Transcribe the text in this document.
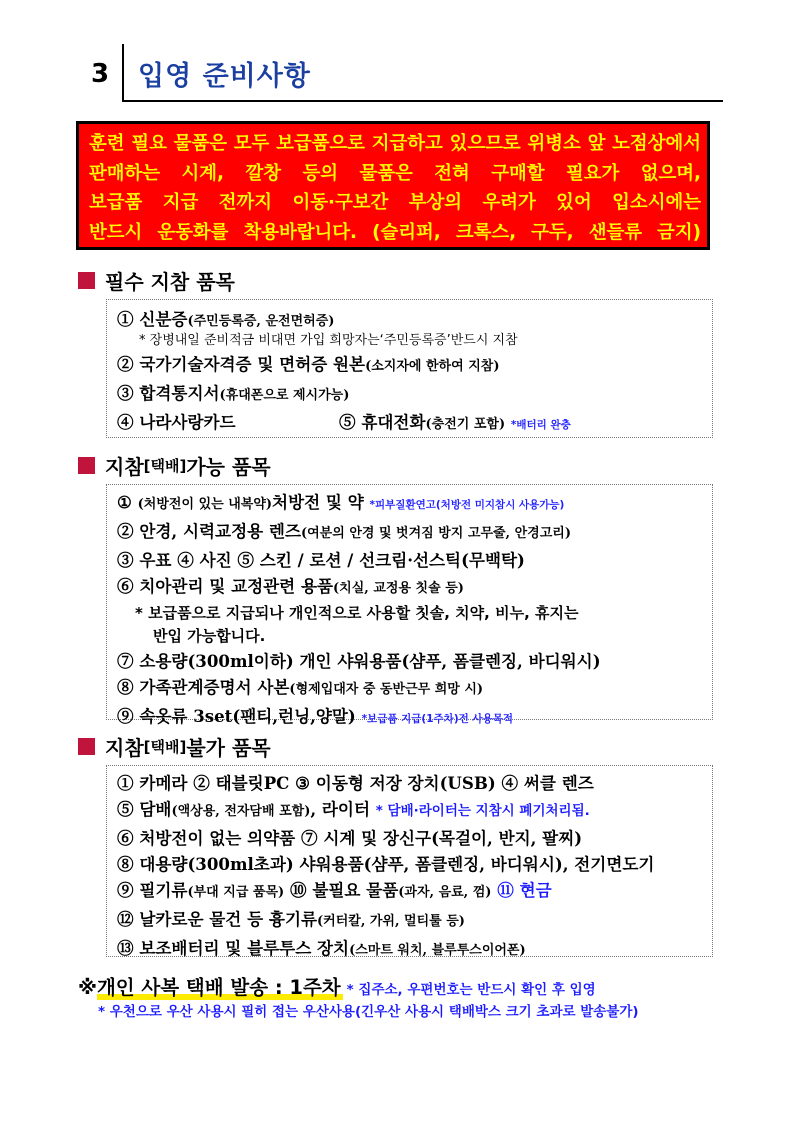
3	입영 준비사항
훈련 필요 물품은 모두 보급품으로 지급하고 있으므로 위병소 앞 노점상에서
판매하는 시계, 깔창 등의 물품은 전혀 구매할 필요가 없으며,
보급품 지급 전까지 이동·구보간 부상의 우려가 있어 입소시에는
반드시 운동화를 착용바랍니다. (슬리퍼, 크록스, 구두, 샌들류 금지)
필수 지참 품목
① 신분증(주민등록증, 운전면허증)
* 장병내일 준비적금 비대면 가입 희망자는‘주민등록증’반드시 지참
② 국가기술자격증 및 면허증 원본(소지자에 한하여 지참)
③ 합격통지서(휴대폰으로 제시가능)
④ 나라사랑카드	⑤ 휴대전화(충전기 포함) *배터리 완충
지참 [택배] 가능 품목
① (처방전이 있는 내복약)처방전 및 약 *피부질환연고(처방전 미지참시 사용가능)
② 안경, 시력교정용 렌즈(여분의 안경 및 벗겨짐 방지 고무줄, 안경고리)
③ 우표 ④ 사진 ⑤ 스킨 / 로션 / 선크림·선스틱(무백탁)
⑥ 치아관리 및 교정관련 용품(치실, 교정용 칫솔 등)
* 보급품으로 지급되나 개인적으로 사용할 칫솔, 치약, 비누, 휴지는
반입 가능합니다.
⑦ 소용량(300ml이하) 개인 샤워용품(샴푸, 폼클렌징, 바디워시)
⑧ 가족관계증명서 사본(형제입대자 중 동반근무 희망 시)
⑨ 속옷류 3set(팬티,런닝,양말) *보급품 지급(1주차)전 사용목적
지참 [택배] 불가 품목
① 카메라 ② 태블릿PC ③ 이동형 저장 장치(USB) ④ 써클 렌즈
⑤ 담배(액상용, 전자담배 포함), 라이터 * 담배·라이터는 지참시 폐기처리됨.
⑥ 처방전이 없는 의약품 ⑦ 시계 및 장신구(목걸이, 반지, 팔찌)
⑧ 대용량(300ml초과) 샤워용품(샴푸, 폼클렌징, 바디워시), 전기면도기
⑨ 필기류(부대 지급 품목) ⑩ 불필요 물품(과자, 음료, 껌) ⑪ 현금
⑫ 날카로운 물건 등 흉기류(커터칼, 가위, 멀티툴 등)
⑬ 보조배터리 및 블루투스 장치(스마트 워치, 블루투스이어폰)
※ 개인 사복 택배 발송 : 1주차 * 집주소, 우편번호는 반드시 확인 후 입영
* 우천으로 우산 사용시 필히 접는 우산사용(긴우산 사용시 택배박스 크기 초과로 발송불가)
